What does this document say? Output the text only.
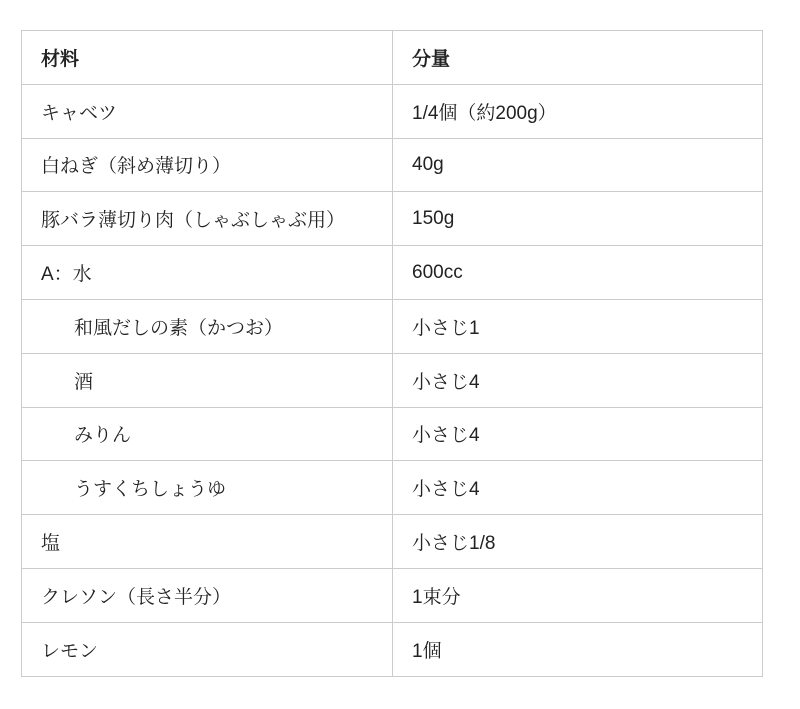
材料	分量
キャベツ	1/4個（約200g）
白ねぎ（斜め薄切り）	40g
豚バラ薄切り肉（しゃぶしゃぶ用）	150g
A：水	600cc
和風だしの素（かつお）	小さじ1
酒	小さじ4
みりん	小さじ4
うすくちしょうゆ	小さじ4
塩	小さじ1/8
クレソン（長さ半分）	1束分
レモン	1個
